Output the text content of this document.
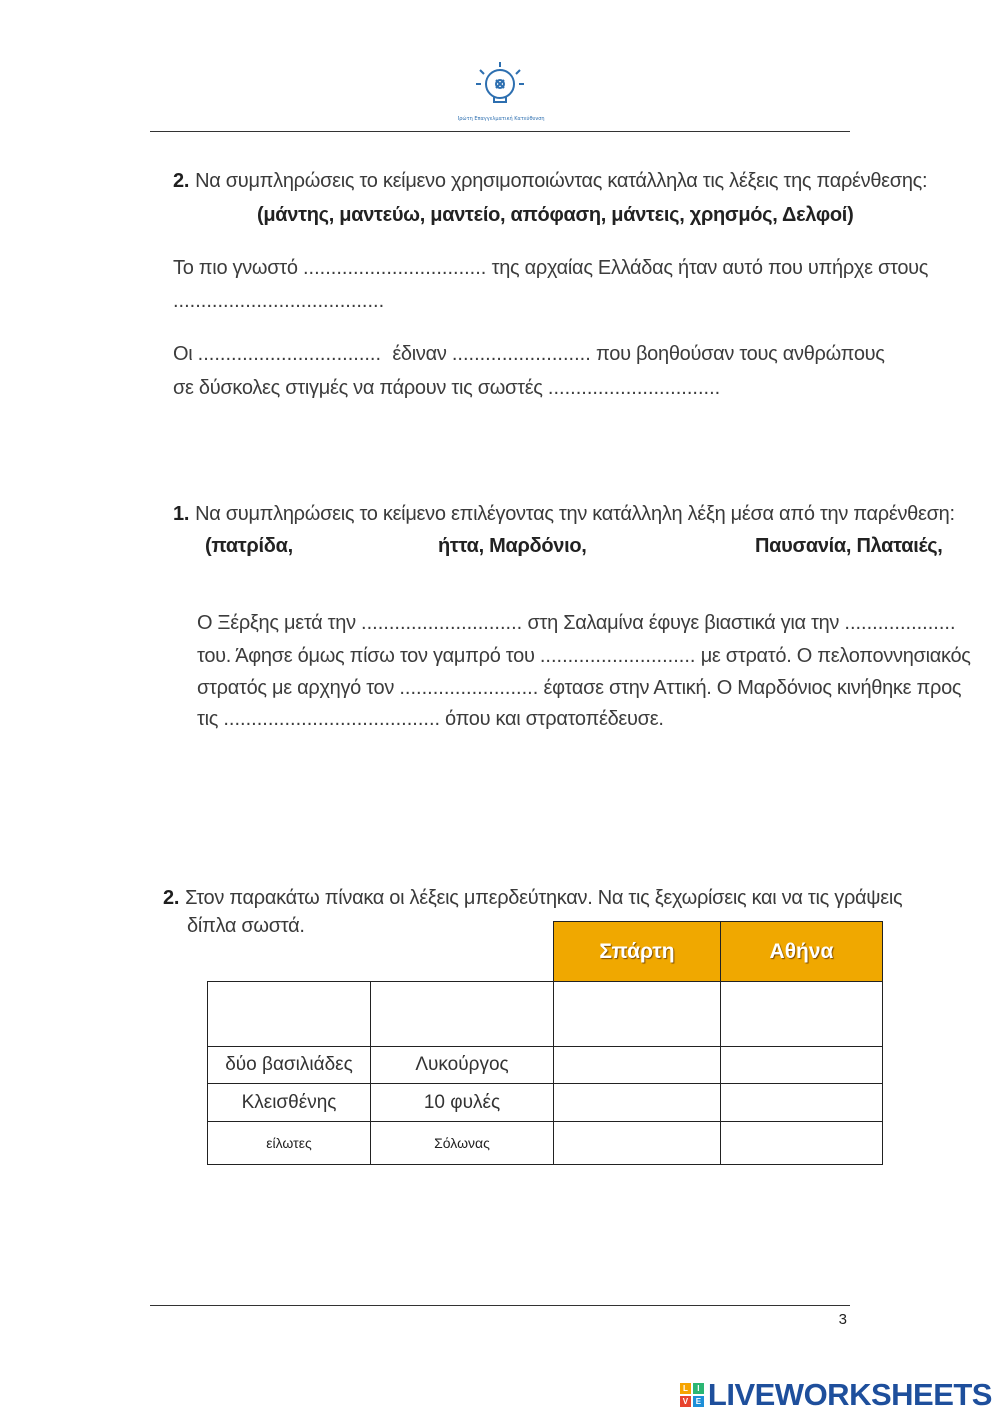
Πρώτη Επαγγελματική Κατεύθυνση
2. Να συμπληρώσεις το κείμενο χρησιμοποιώντας κατάλληλα τις λέξεις της παρένθεσης:
(μάντης, μαντεύω, μαντείο, απόφαση, μάντεις, χρησμός, Δελφοί)
Το πιο γνωστό ................................. της αρχαίας Ελλάδας ήταν αυτό που υπήρχε στους
......................................
Οι ................................. έδιναν ......................... που βοηθούσαν τους ανθρώπους
σε δύσκολες στιγμές να πάρουν τις σωστές ...............................
1. Να συμπληρώσεις το κείμενο επιλέγοντας την κατάλληλη λέξη μέσα από την παρένθεση:
(πατρίδα,	ήττα, Μαρδόνιο,	Παυσανία, Πλαταιές,
Ο Ξέρξης μετά την ............................. στη Σαλαμίνα έφυγε βιαστικά για την ....................
του. Άφησε όμως πίσω τον γαμπρό του ............................ με στρατό. Ο πελοποννησιακός
στρατός με αρχηγό τον ......................... έφτασε στην Αττική. Ο Μαρδόνιος κινήθηκε προς
τις ....................................... όπου και στρατοπέδευσε.
2. Στον παρακάτω πίνακα οι λέξεις μπερδεύτηκαν. Να τις ξεχωρίσεις και να τις γράψεις
δίπλα σωστά.
Σπάρτη	Αθήνα
δύο βασιλιάδες	Λυκούργος
Κλεισθένης	10 φυλές
είλωτες	Σόλωνας
3
L	I
V E LIVEWORKSHEETS
